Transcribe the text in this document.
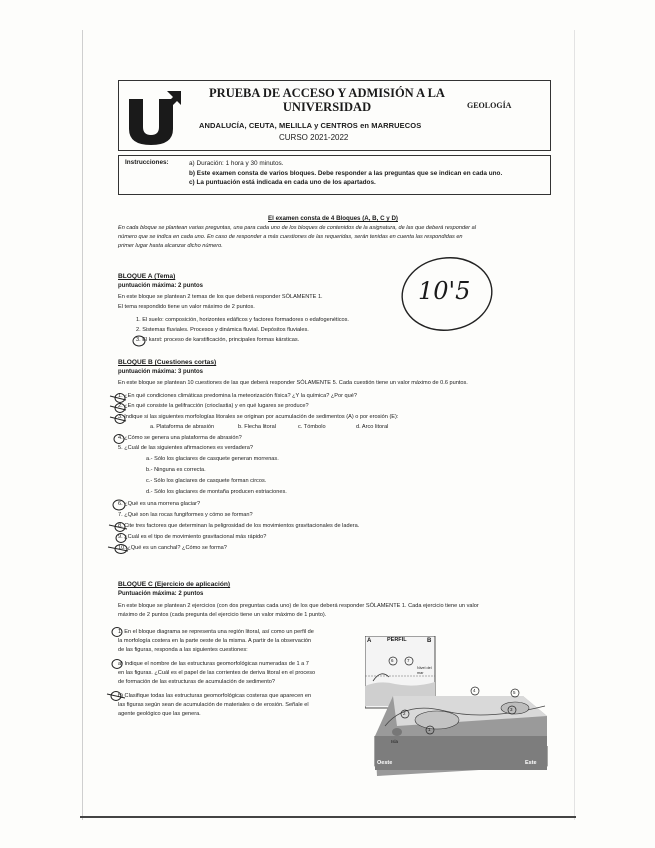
PRUEBA DE ACCESO Y ADMISIÓN A LA UNIVERSIDAD
ANDALUCÍA, CEUTA, MELILLA y CENTROS en MARRUECOS
CURSO 2021-2022
GEOLOGÍA
Instrucciones:	a) Duración: 1 hora y 30 minutos.
b) Este examen consta de varios bloques. Debe responder a las preguntas que se indican en cada uno.
c) La puntuación está indicada en cada uno de los apartados.
El examen consta de 4 Bloques (A, B, C y D)
En cada bloque se plantean varias preguntas, una para cada uno de los bloques de contenidos de la asignatura, de las que deberá responder al
número que se indica en cada uno. En caso de responder a más cuestiones de las requeridas, serán tenidas en cuenta las respondidas en
primer lugar hasta alcanzar dicho número.
10'5
BLOQUE A (Tema)
puntuación máxima: 2 puntos
En este bloque se plantean 2 temas de los que deberá responder SÓLAMENTE 1.
El tema respondido tiene un valor máximo de 2 puntos.
1. El suelo: composición, horizontes edáficos y factores formadores o edafogenéticos.
2. Sistemas fluviales. Procesos y dinámica fluvial. Depósitos fluviales.
3. El karst: proceso de karstificación, principales formas kársticas.
BLOQUE B (Cuestiones cortas)
puntuación máxima: 3 puntos
En este bloque se plantean 10 cuestiones de las que deberá responder SÓLAMENTE 5. Cada cuestión tiene un valor máximo de 0.6 puntos.
1. ¿En qué condiciones climáticas predomina la meteorización física? ¿Y la química? ¿Por qué?
2. ¿En qué consiste la gelifracción (crioclastia) y en qué lugares se produce?
3. Indique si las siguientes morfologías litorales se originan por acumulación de sedimentos (A) o por erosión (E):
a. Plataforma de abrasión	b. Flecha litoral	c. Tómbolo	d. Arco litoral
4. ¿Cómo se genera una plataforma de abrasión?
5. ¿Cuál de las siguientes afirmaciones es verdadera?
a.- Sólo los glaciares de casquete generan morrenas.
b.- Ninguna es correcta.
c.- Sólo los glaciares de casquete forman circos.
d.- Sólo los glaciares de montaña producen estriaciones.
6. ¿Qué es una morrena glaciar?
7. ¿Qué son las rocas fungiformes y cómo se forman?
8. Cite tres factores que determinan la peligrosidad de los movimientos gravitacionales de ladera.
9. ¿Cuál es el tipo de movimiento gravitacional más rápido?
10. ¿Qué es un canchal? ¿Cómo se forma?
BLOQUE C (Ejercicio de aplicación)
Puntuación máxima: 2 puntos
En este bloque se plantean 2 ejercicios (con dos preguntas cada uno) de los que deberá responder SÓLAMENTE 1. Cada ejercicio tiene un valor
máximo de 2 puntos (cada pregunta del ejercicio tiene un valor máximo de 1 punto).
1. En el bloque diagrama se representa una región litoral, así como un perfil de
la morfología costera en la parte oeste de la misma. A partir de la observación
de las figuras, responda a las siguientes cuestiones:
a) Indique el nombre de las estructuras geomorfológicas numeradas de 1 a 7
en las figuras. ¿Cuál es el papel de las corrientes de deriva litoral en el proceso
de formación de las estructuras de acumulación de sedimento?
b) Clasifique todas las estructuras geomorfológicas costeras que aparecen en
las figuras según sean de acumulación de materiales o de erosión. Señale el
agente geológico que las genera.
PERFIL
A	B
Nivel del mar
Oeste	Este
Isla
1
2
3
4	5
6	7
